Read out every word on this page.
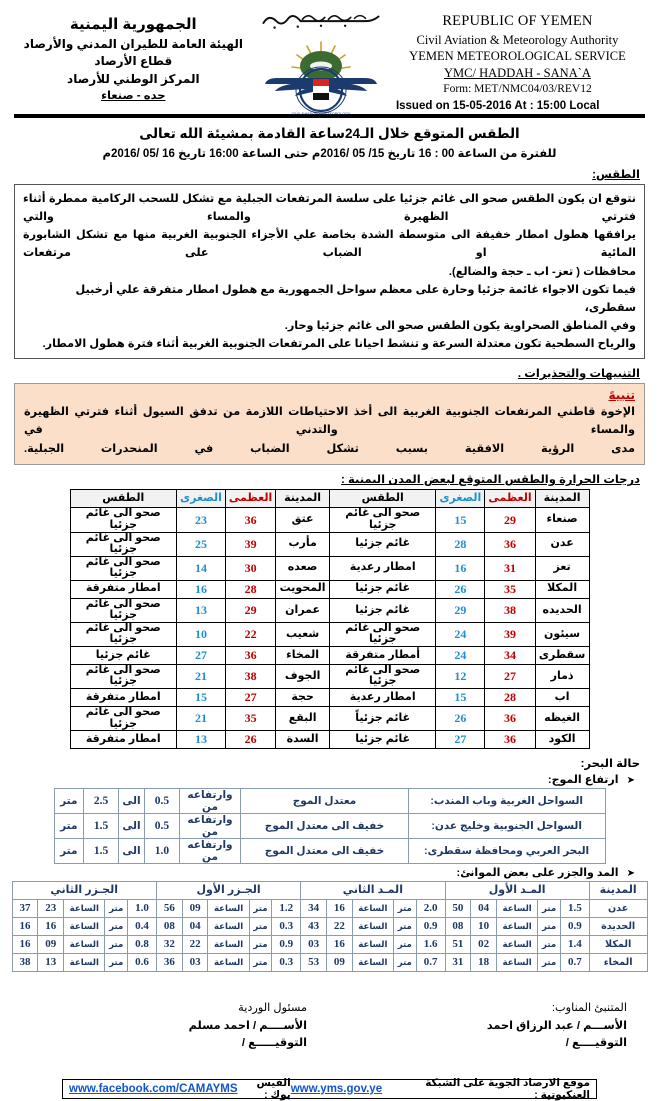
الجمهورية اليمنية
الهيئة العامة للطيران المدني والأرصاد
قطاع الأرصاد
المركز الوطني للأرصاد
حده - صنعاء
CIVIL AVIATION & METEOROLOGY
REPUBLIC OF YEMEN
Civil Aviation & Meteorology Authority
YEMEN METEOROLOGICAL SERVICE
YMC/ HADDAH - SANA`A
Form: MET/NMC04/03/REV12
Issued on 15-05-2016 At : 15:00 Local
الطقس المتوقع خلال الـ24ساعة القادمة بمشيئة الله تعالى
للفترة من الساعة 00 : 16 تاريخ 15/ 05 /2016م حتى الساعة 16:00 تاريخ 16 /05 /2016م
الطقس:

نتوقع ان يكون الطقس صحو الى غائم جزئيا على سلسة المرتفعات الجبلية مع تشكل للسحب الركامية ممطرة أثناء فترتي الظهيرة والمساء والتي

يرافقها هطول امطار خفيفة الى متوسطة الشدة بخاصة علي الأجزاء الجنوبية الغربية منها مع تشكل الشابورة المائية او الضباب على مرتفعات

محافظات ( تعز- اب ـ حجة والضالع).

فيما تكون الاجواء غائمة جزئيا وحارة على معظم سواحل الجمهورية مع هطول امطار متفرقة علي أرخبيل سقطرى،

وفي المناطق الصحراوية يكون الطقس صحو الى غائم جزئيا وحار.

والرياح السطحية تكون معتدلة السرعة و تنشط احيانا على المرتفعات الجنوبية الغربية أثناء فترة هطول الامطار.

التنبيهات والتحذيرات .
تنبيهً
الإخوة قاطني المرتفعات الجنوبية الغربية الى أخذ الاحتياطات اللازمة من تدفق السيول أثناء فترتي الظهيرة والمساء والتدني في
مدى الرؤية الافقية بسبب تشكل الضباب في المنحدرات الجبلية.
درجات الحرارة والطقس المتوقع لبعض المدن اليمنية :
المدينة	العظمى	الصغرى	الطقس	المدينة	العظمى	الصغرى	الطقس
صنعاء	29	15	صحو الى غائم جزئيا	عتق	36	23	صحو الى غائم جزئيا
عدن	36	28	غائم جزئيا	مأرب	39	25	صحو الى غائم جزئيا
تعز	31	16	امطار رعدية	صعده	30	14	صحو الى غائم جزئيا
المكلا	35	26	غائم جزئيا	المحويت	28	16	امطار متفرقة
الحديده	38	29	غائم جزئيا	عمران	29	13	صحو الى غائم جزئيا
سيئون	39	24	صحو الى غائم جزئيا	شعيب	22	10	صحو الى غائم جزئيا
سقطرى	34	24	أمطار متفرقة	المخاء	36	27	غائم جزئيا
ذمار	27	12	صحو الى غائم جزئيا	الجوف	38	21	صحو الى غائم جزئيا
اب	28	15	امطار رعدية	حجة	27	15	امطار متفرقة
الغيظه	36	26	غائم جزئياً	البقع	35	21	صحو الى غائم جزئيا
الكود	36	27	غائم جزئيا	السدة	26	13	امطار متفرقة
حالة البحر:
➤ ارتفاع الموج:
السواحل الغربية وباب المندب:	معتدل الموج	وارتفاعه من	0.5	الى	2.5	متر
السواحل الجنوبية وخليج عدن:	خفيف الى معتدل الموج	وارتفاعه من	0.5	الى	1.5	متر
البحر العربي ومحافظة سقطرى:	خفيف الى معتدل الموج	وارتفاعه من	1.0	الى	1.5	متر
➤ المد والجزر على بعض الموانئ:
المدينة	المـد الأول					المـد الثاني					الجـزر الأول					الجـزر الثاني				
عدن	1.5	متر	الساعة	04	50	2.0	متر	الساعة	16	34	1.2	متر	الساعة	09	56	1.0	متر	الساعة	23	37
الحديدة	0.9	متر	الساعة	10	08	0.9	متر	الساعة	22	43	0.3	متر	الساعة	04	08	0.4	متر	الساعة	16	16
المكلا	1.4	متر	الساعة	02	51	1.6	متر	الساعة	16	03	0.9	متر	الساعة	22	32	0.8	متر	الساعة	09	16
المخاء	0.7	متر	الساعة	18	31	0.7	متر	الساعة	09	53	0.3	متر	الساعة	03	36	0.6	متر	الساعة	13	38
المتنبئ المناوب:
الأســـم / عبد الرزاق احمد
التوقيــــع /
مسئول الوردية
الأســــم / احمد مسلم
التوقيـــــع /
موقع الارصاد الجوية على الشبكة العنكبوتية :
www.yms.gov.ye
الفيس بوك :
www.facebook.com/CAMAYMS
